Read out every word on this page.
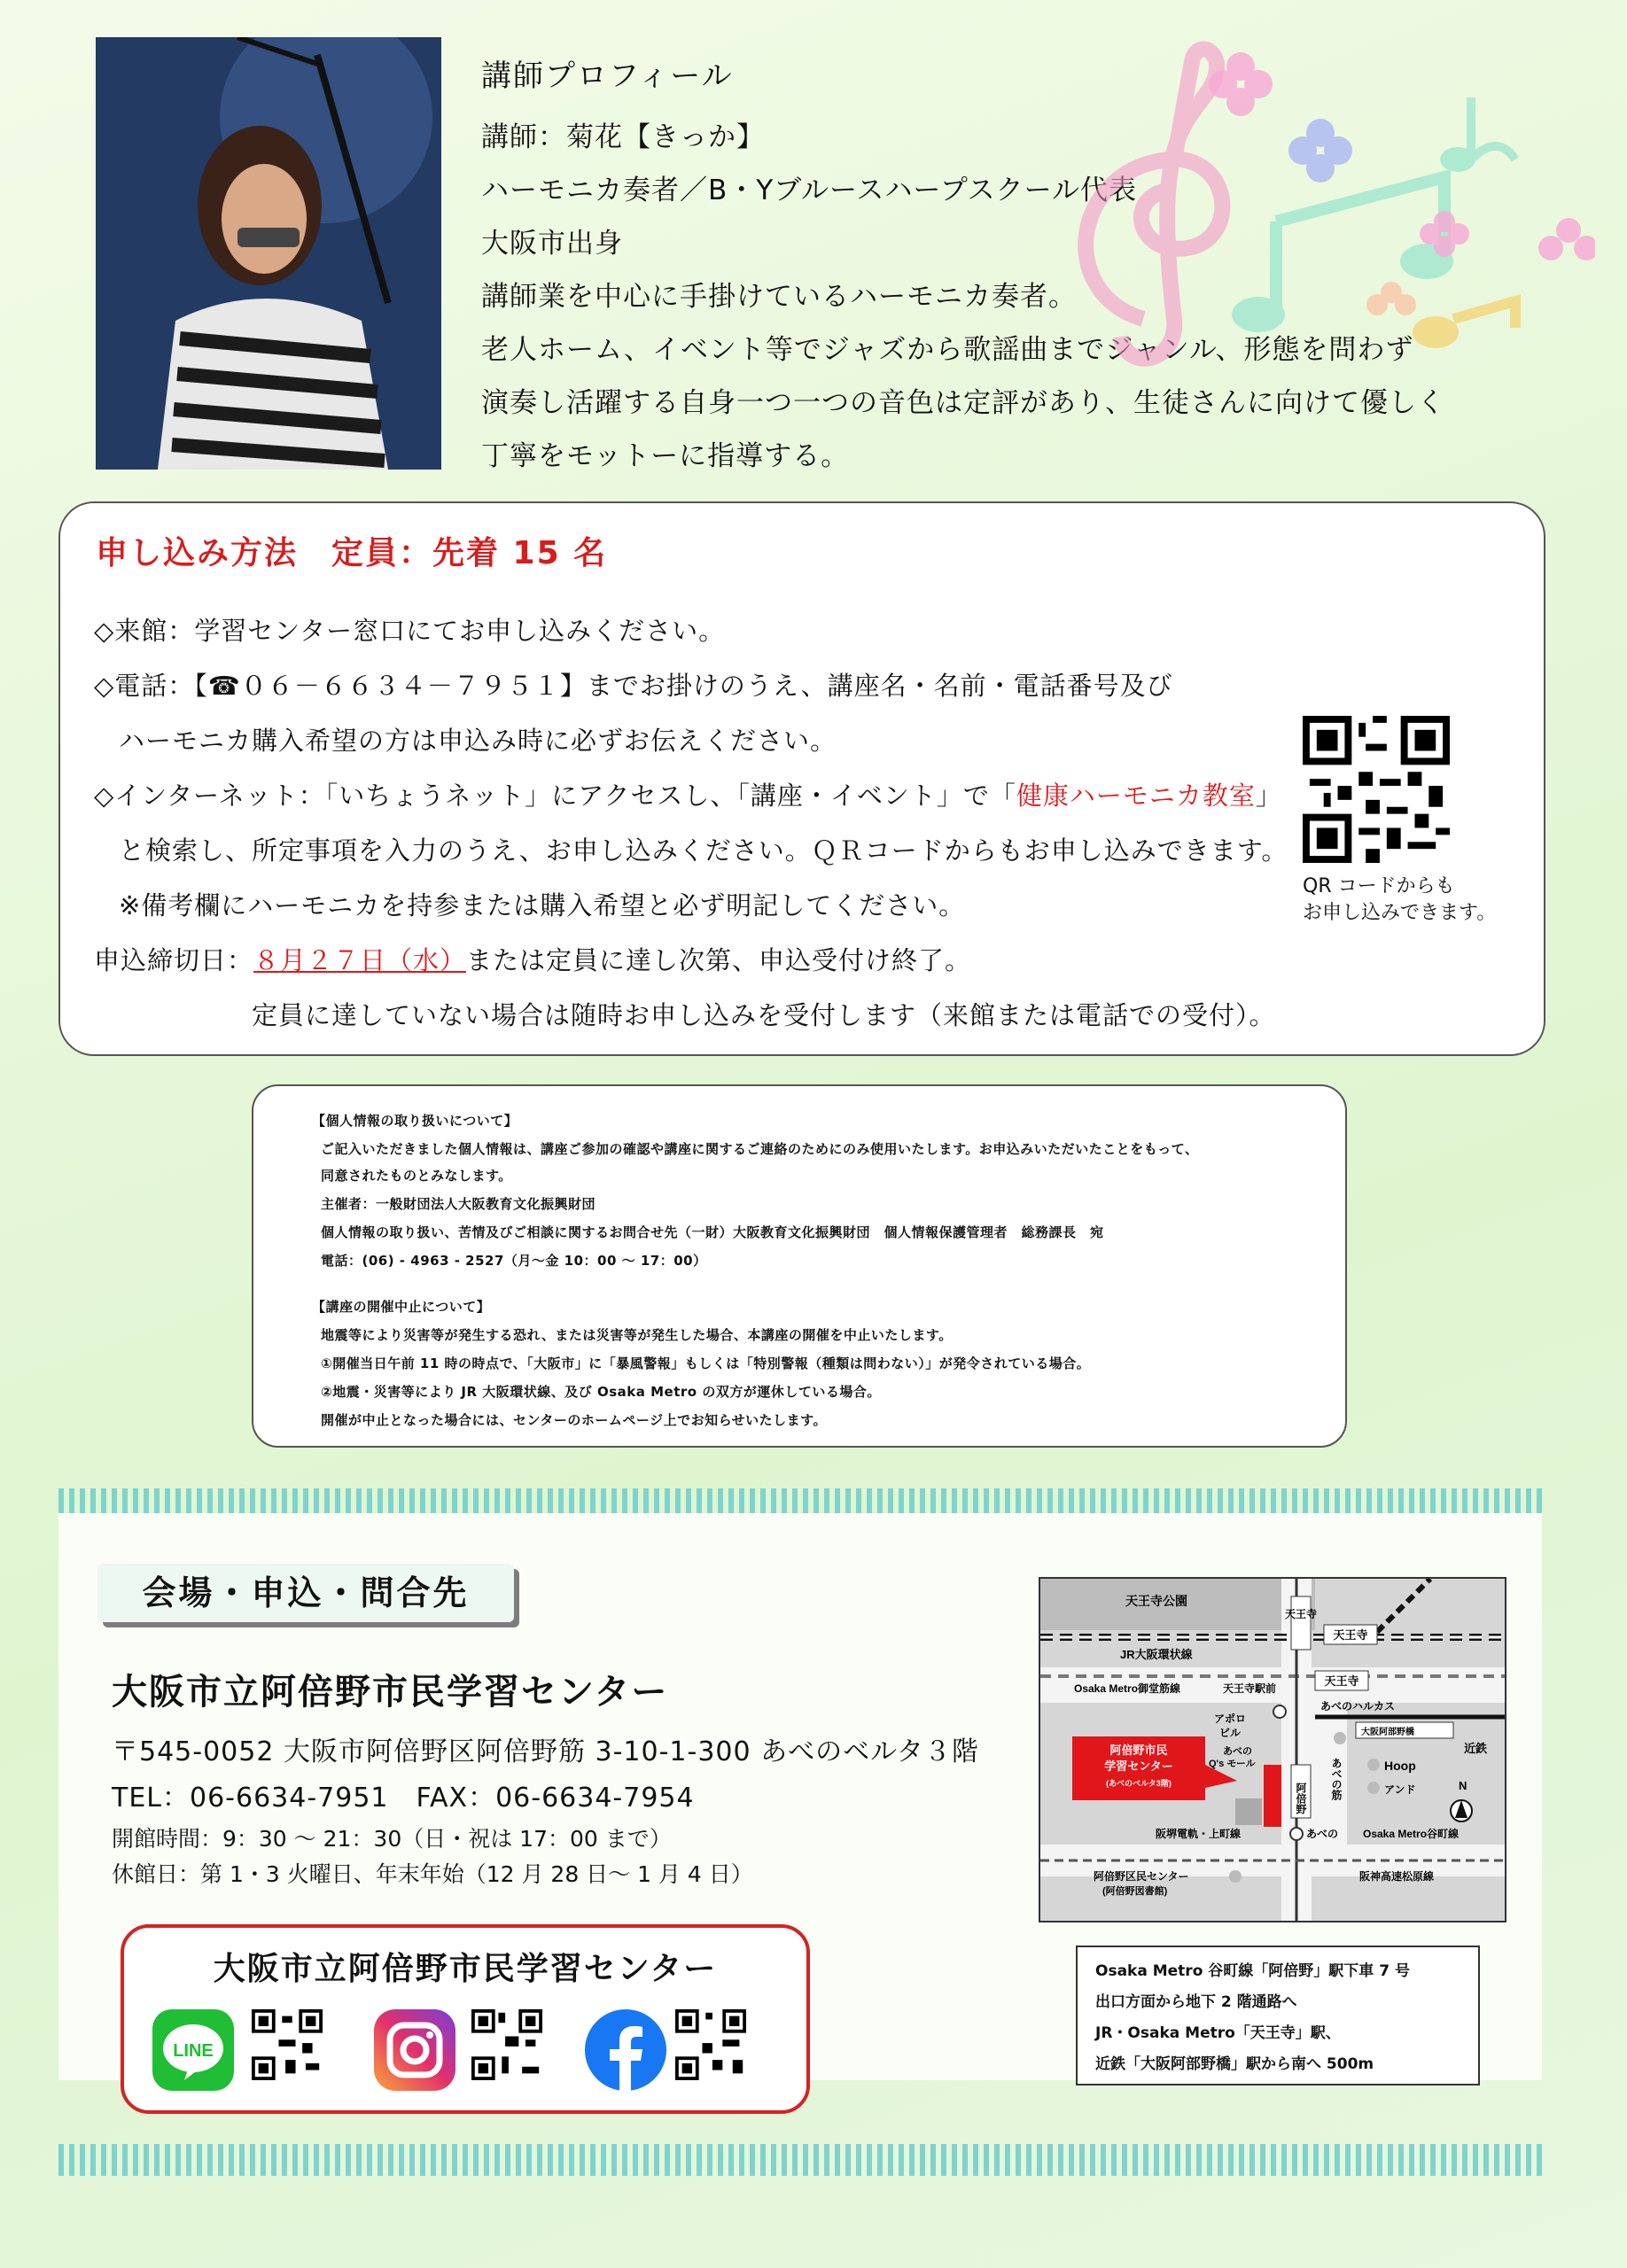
講師プロフィール
講師：菊花【きっか】
ハーモニカ奏者／B・Yブルースハープスクール代表
大阪市出身
講師業を中心に手掛けているハーモニカ奏者。
老人ホーム、イベント等でジャズから歌謡曲までジャンル、形態を問わず
演奏し活躍する自身一つ一つの音色は定評があり、生徒さんに向けて優しく
丁寧をモットーに指導する。
申し込み方法　定員：先着 15 名
◇来館：学習センター窓口にてお申し込みください。
◇電話：【☎０６－６６３４－７９５１】までお掛けのうえ、講座名・名前・電話番号及び
ハーモニカ購入希望の方は申込み時に必ずお伝えください。
◇インターネット：「いちょうネット」にアクセスし、「講座・イベント」で「健康ハーモニカ教室」
と検索し、所定事項を入力のうえ、お申し込みください。ＱＲコードからもお申し込みできます。
※備考欄にハーモニカを持参または購入希望と必ず明記してください。
申込締切日：８月２７日（水）または定員に達し次第、申込受付け終了。
定員に達していない場合は随時お申し込みを受付します（来館または電話での受付）。
QR コードからも
お申し込みできます。
【個人情報の取り扱いについて】
ご記入いただきました個人情報は、講座ご参加の確認や講座に関するご連絡のためにのみ使用いたします。お申込みいただいたことをもって、
同意されたものとみなします。
主催者：一般財団法人大阪教育文化振興財団
個人情報の取り扱い、苦情及びご相談に関するお問合せ先（一財）大阪教育文化振興財団　個人情報保護管理者　総務課長　宛
電話：(06) - 4963 - 2527（月～金 10：00 ～ 17：00）
【講座の開催中止について】
地震等により災害等が発生する恐れ、または災害等が発生した場合、本講座の開催を中止いたします。
①開催当日午前 11 時の時点で、「大阪市」に「暴風警報」もしくは「特別警報（種類は問わない）」が発令されている場合。
②地震・災害等により JR 大阪環状線、及び Osaka Metro の双方が運休している場合。
開催が中止となった場合には、センターのホームページ上でお知らせいたします。
会場・申込・問合先
大阪市立阿倍野市民学習センター
〒545-0052 大阪市阿倍野区阿倍野筋 3-10-1-300 あべのベルタ３階
TEL：06-6634-7951　FAX：06-6634-7954
開館時間：9：30 ～ 21：30（日・祝は 17：00 まで）
休館日：第 1・3 火曜日、年末年始（12 月 28 日～ 1 月 4 日）
大阪市立阿倍野市民学習センター
LINE
天王寺公園
天王寺
天王寺
JR大阪環状線
天王寺
Osaka Metro御堂筋線	天王寺駅前
あべのハルカス
大阪阿部野橋
近鉄
アポロ
ビル
あべの
Q's モール
阿倍野市民
学習センター
(あべのベルタ3階)
Hoop
アンド
あべの筋
阿倍野	N
阪堺電軌・上町線	あべの Osaka Metro谷町線
阿倍野区民センター
(阿倍野図書館)
阪神高速松原線
Osaka Metro 谷町線「阿倍野」駅下車 7 号
出口方面から地下 2 階通路へ
JR・Osaka Metro「天王寺」駅、
近鉄「大阪阿部野橋」駅から南へ 500m
